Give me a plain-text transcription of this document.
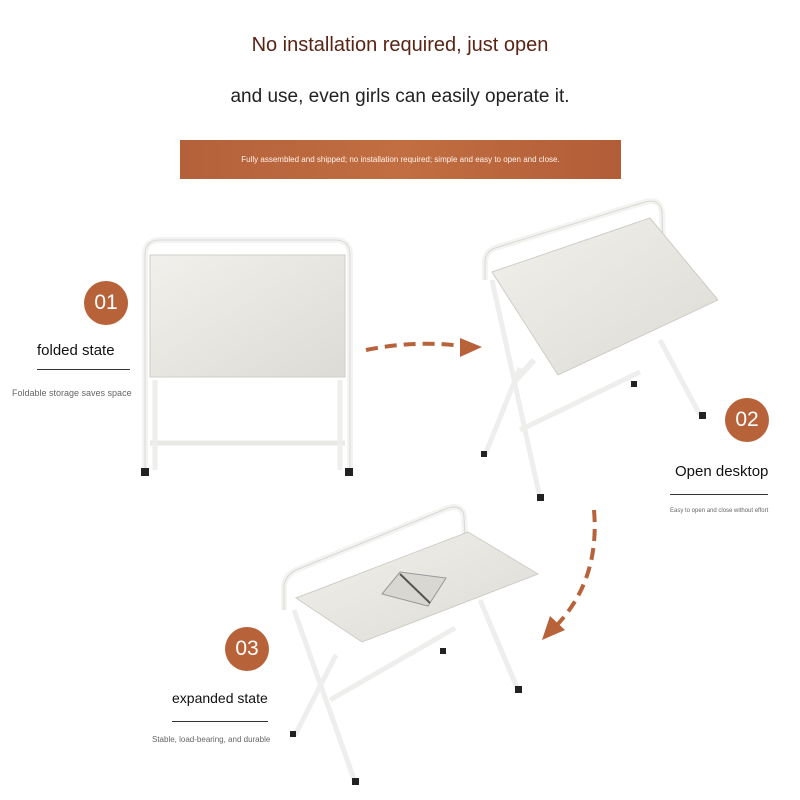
No installation required, just open
and use, even girls can easily operate it.
Fully assembled and shipped; no installation required; simple and easy to open and close.
01
folded state
Foldable storage saves space
02
Open desktop
Easy to open and close without effort
03
expanded state
Stable, load-bearing, and durable
